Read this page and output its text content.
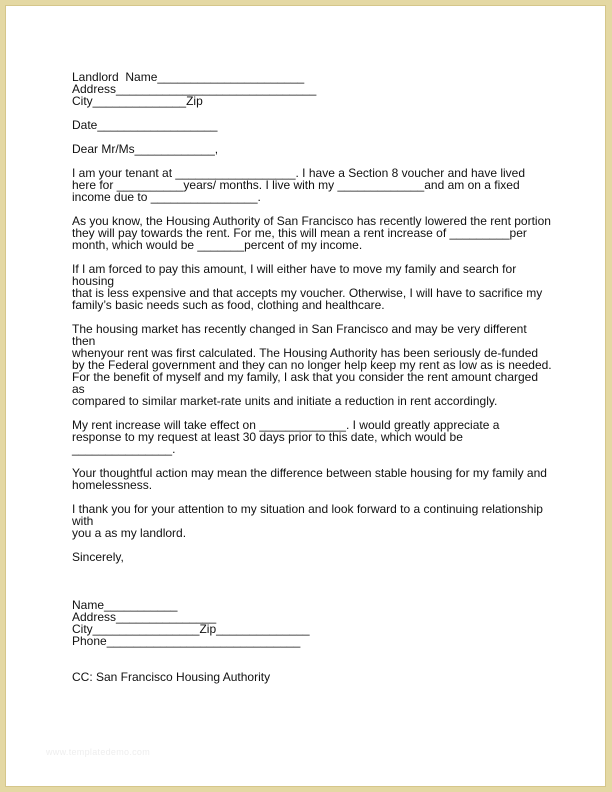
Landlord  Name______________________
Address______________________________
City______________Zip
Date__________________
Dear Mr/Ms____________,
I am your tenant at __________________. I have a Section 8 voucher and have lived
here for __________years/ months. I live with my _____________and am on a fixed
income due to ________________.
As you know, the Housing Authority of San Francisco has recently lowered the rent portion
they will pay towards the rent. For me, this will mean a rent increase of _________per
month, which would be _______percent of my income.
If I am forced to pay this amount, I will either have to move my family and search for housing
that is less expensive and that accepts my voucher. Otherwise, I will have to sacrifice my
family’s basic needs such as food, clothing and healthcare.
The housing market has recently changed in San Francisco and may be very different then
whenyour rent was first calculated. The Housing Authority has been seriously de-funded
by the Federal government and they can no longer help keep my rent as low as is needed.
For the benefit of myself and my family, I ask that you consider the rent amount charged as
compared to similar market-rate units and initiate a reduction in rent accordingly.
My rent increase will take effect on _____________. I would greatly appreciate a
response to my request at least 30 days prior to this date, which would be
_______________.
Your thoughtful action may mean the difference between stable housing for my family and
homelessness.
I thank you for your attention to my situation and look forward to a continuing relationship with
you a as my landlord.
Sincerely,
Name___________
Address_______________
City________________Zip______________
Phone_____________________________
CC: San Francisco Housing Authority
www.templatedemo.com
